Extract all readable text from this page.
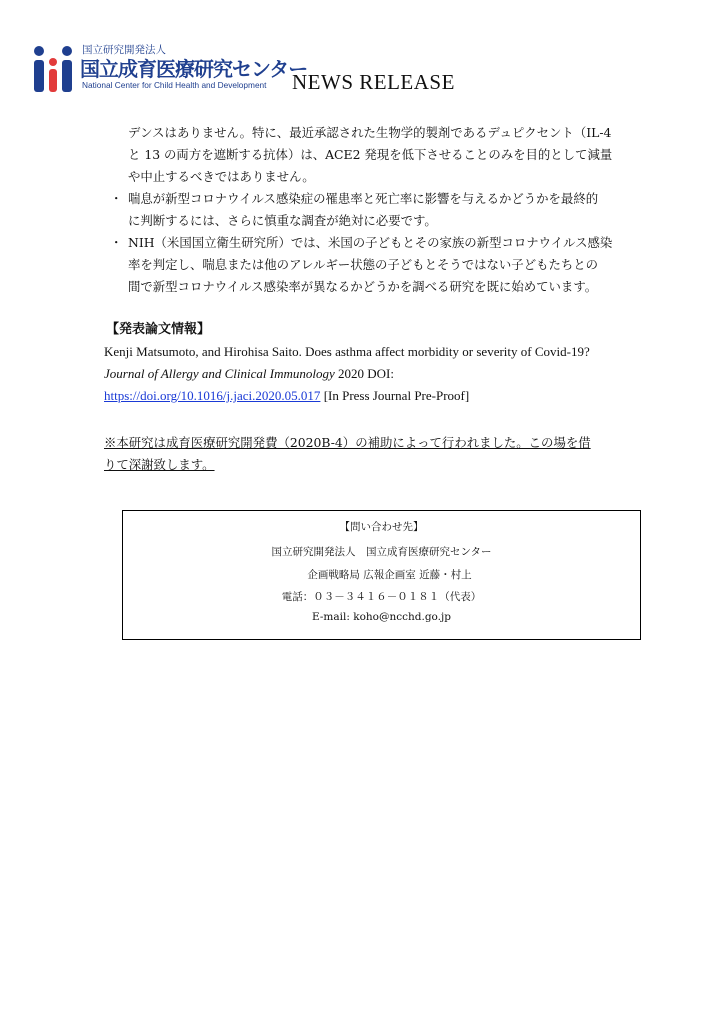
国立研究開発法人
国立成育医療研究センター
National Center for Child Health and Development NEWS RELEASE
デンスはありません。特に、最近承認された生物学的製剤であるデュピクセント（IL-4
と 13 の両方を遮断する抗体）は、ACE2 発現を低下させることのみを目的として減量
や中止するべきではありません。
・ 喘息が新型コロナウイルス感染症の罹患率と死亡率に影響を与えるかどうかを最終的
に判断するには、さらに慎重な調査が絶対に必要です。
・ NIH（米国国立衛生研究所）では、米国の子どもとその家族の新型コロナウイルス感染
率を判定し、喘息または他のアレルギー状態の子どもとそうではない子どもたちとの
間で新型コロナウイルス感染率が異なるかどうかを調べる研究を既に始めています。
【発表論文情報】
Kenji Matsumoto, and Hirohisa Saito. Does asthma affect morbidity or severity of Covid-19?
Journal of Allergy and Clinical Immunology 2020 DOI:
https://doi.org/10.1016/j.jaci.2020.05.017 [In Press Journal Pre-Proof]
※本研究は成育医療研究開発費（2020B-4）の補助によって行われました。この場を借
りて深謝致します。
【問い合わせ先】
国立研究開発法人　国立成育医療研究センター
企画戦略局 広報企画室 近藤・村上
電話：０３－３４１６－０１８１（代表）
E-mail: koho@ncchd.go.jp
